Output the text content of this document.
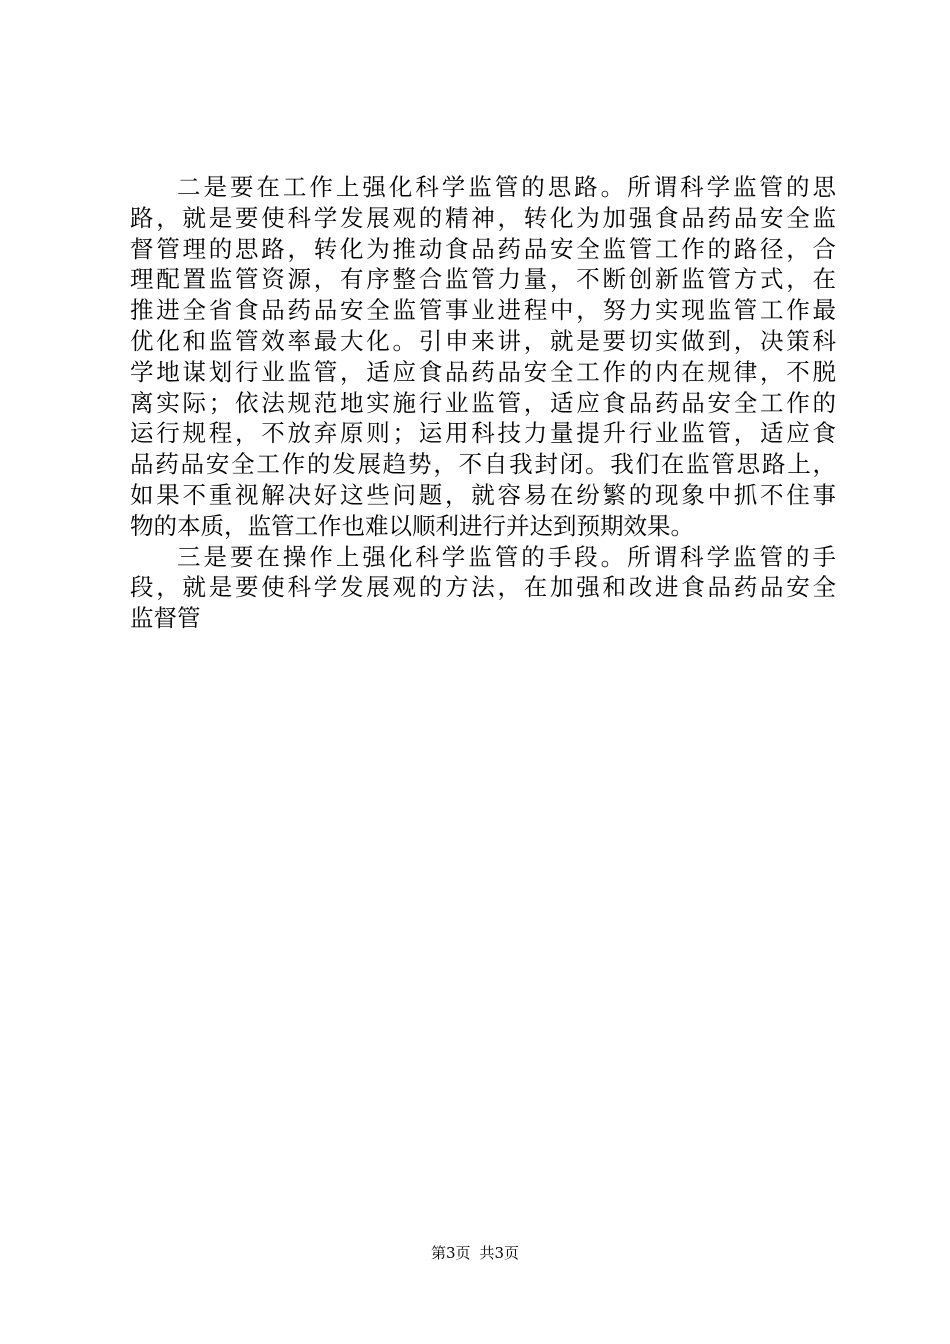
二是要在工作上强化科学监管的思路。所谓科学监管的思
路，就是要使科学发展观的精神，转化为加强食品药品安全监
督管理的思路，转化为推动食品药品安全监管工作的路径，合
理配置监管资源，有序整合监管力量，不断创新监管方式，在
推进全省食品药品安全监管事业进程中，努力实现监管工作最
优化和监管效率最大化。引申来讲，就是要切实做到，决策科
学地谋划行业监管，适应食品药品安全工作的内在规律，不脱
离实际；依法规范地实施行业监管，适应食品药品安全工作的
运行规程，不放弃原则；运用科技力量提升行业监管，适应食
品药品安全工作的发展趋势，不自我封闭。我们在监管思路上，
如果不重视解决好这些问题，就容易在纷繁的现象中抓不住事
物的本质，监管工作也难以顺利进行并达到预期效果。
三是要在操作上强化科学监管的手段。所谓科学监管的手
段，就是要使科学发展观的方法，在加强和改进食品药品安全
监督管
第3页 共3页
